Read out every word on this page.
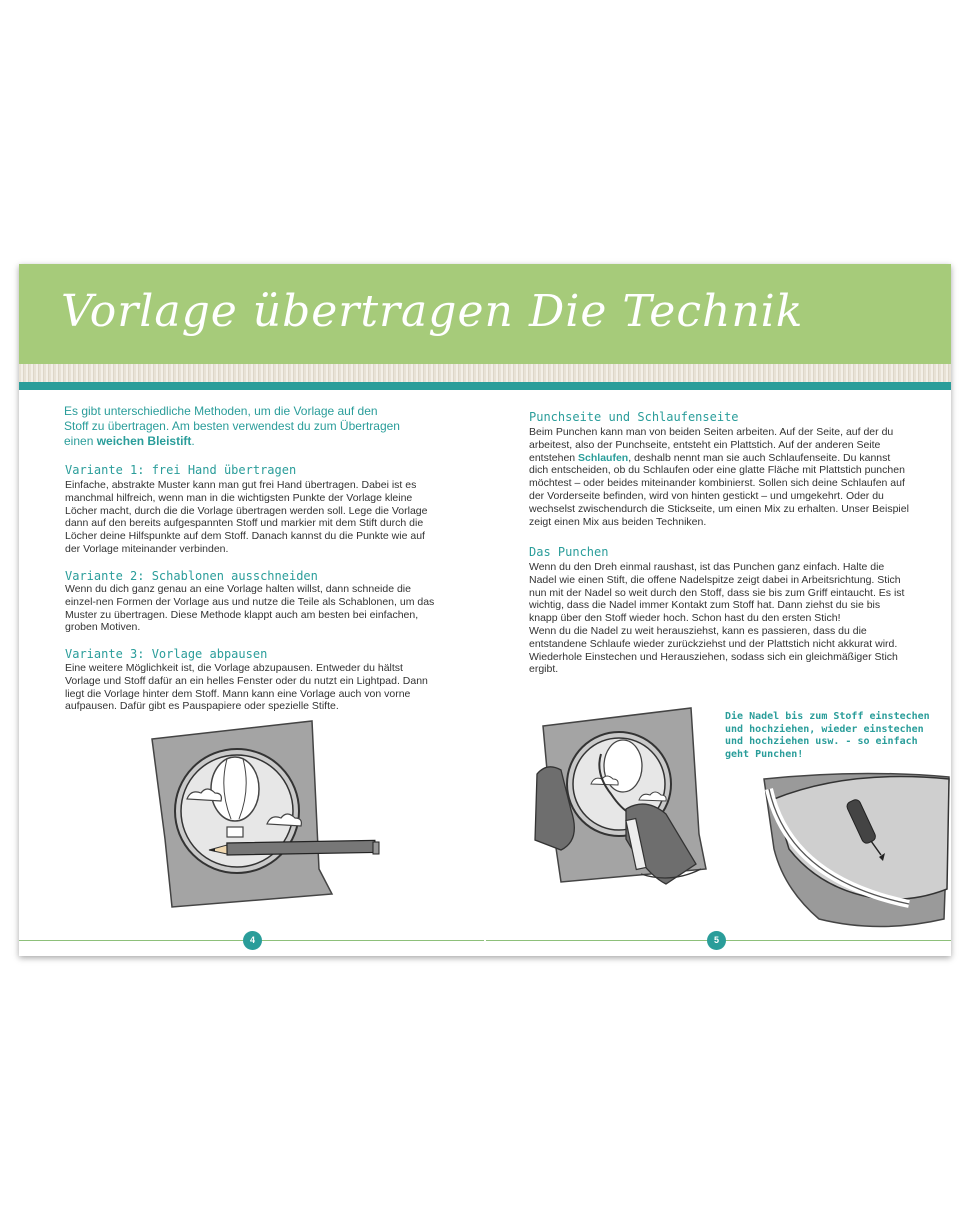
Vorlage übertragen Die Technik

Es gibt unterschiedliche Methoden, um die Vorlage auf den Stoff zu übertragen. Am besten verwendest du zum Übertragen einen weichen Bleistift.

Variante 1: frei Hand übertragen

Einfache, abstrakte Muster kann man gut frei Hand übertragen. Dabei ist es manchmal hilfreich, wenn man in die wichtigsten Punkte der Vorlage kleine Löcher macht, durch die die Vorlage übertragen werden soll. Lege die Vorlage dann auf den bereits aufgespannten Stoff und markier mit dem Stift durch die Löcher deine Hilfspunkte auf dem Stoff. Danach kannst du die Punkte wie auf der Vorlage miteinander verbinden.

Variante 2: Schablonen ausschneiden

Wenn du dich ganz genau an eine Vorlage halten willst, dann schneide die einzel-nen Formen der Vorlage aus und nutze die Teile als Schablonen, um das Muster zu übertragen. Diese Methode klappt auch am besten bei einfachen, groben Motiven.

Variante 3: Vorlage abpausen

Eine weitere Möglichkeit ist, die Vorlage abzupausen. Entweder du hältst Vorlage und Stoff dafür an ein helles Fenster oder du nutzt ein Lightpad. Dann liegt die Vorlage hinter dem Stoff. Mann kann eine Vorlage auch von vorne aufpausen. Dafür gibt es Pauspapiere oder spezielle Stifte.

4

Punchseite und Schlaufenseite

Beim Punchen kann man von beiden Seiten arbeiten. Auf der Seite, auf der du arbeitest, also der Punchseite, entsteht ein Plattstich. Auf der anderen Seite entstehen Schlaufen, deshalb nennt man sie auch Schlaufenseite. Du kannst dich entscheiden, ob du Schlaufen oder eine glatte Fläche mit Plattstich punchen möchtest – oder beides miteinander kombinierst. Sollen sich deine Schlaufen auf der Vorderseite befinden, wird von hinten gestickt – und umgekehrt. Oder du wechselst zwischendurch die Stickseite, um einen Mix zu erhalten. Unser Beispiel zeigt einen Mix aus beiden Techniken.

Das Punchen

Wenn du den Dreh einmal raushast, ist das Punchen ganz einfach. Halte die Nadel wie einen Stift, die offene Nadelspitze zeigt dabei in Arbeitsrichtung. Stich nun mit der Nadel so weit durch den Stoff, dass sie bis zum Griff eintaucht. Es ist wichtig, dass die Nadel immer Kontakt zum Stoff hat. Dann ziehst du sie bis knapp über den Stoff wieder hoch. Schon hast du den ersten Stich!

Wenn du die Nadel zu weit herausziehst, kann es passieren, dass du die entstandene Schlaufe wieder zurückziehst und der Plattstich nicht akkurat wird. Wiederhole Einstechen und Herausziehen, sodass sich ein gleichmäßiger Stich ergibt.

Die Nadel bis zum Stoff einstechen und hochziehen, wieder einstechen und hochziehen usw. - so einfach geht Punchen!

5
